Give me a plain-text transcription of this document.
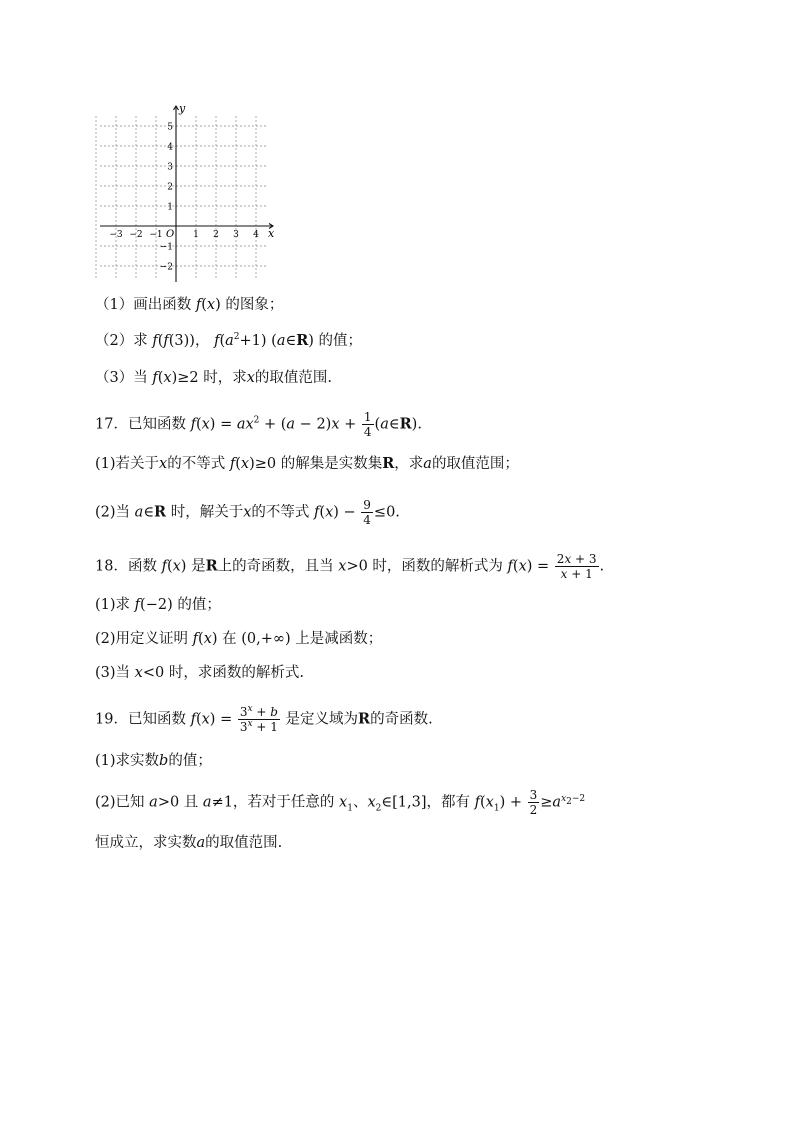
y
x
O
−3 −2 −1	1 2 3 4
5
4
3
2
1
−1
−2
（1）画出函数 f(x) 的图象；
（2）求 f(f(3))， $f(a^2+1)$ (a∈R) 的值；
（3）当 f(x)≥2 时，求x的取值范围.
17．已知函数 $f(x) = ax^2 + (a - 2)x + \frac{1}{4}$ (a∈R).
(1)若关于x的不等式 f(x)≥0 的解集是实数集R，求a的取值范围；
(2)当 a∈R 时，解关于x的不等式 $f(x) - \frac{9}{4} \le 0$.
18．函数 f(x) 是R上的奇函数，且当 x>0 时，函数的解析式为 $f(x) = \frac{2x + 3}{x + 1}$ .
(1)求 f(−2) 的值；
(2)用定义证明 f(x) 在 (0,+∞) 上是减函数；
(3)当 x<0 时，求函数的解析式.
19．已知函数 $f(x) = \frac{3^x + b}{3^x + 1}$ 是定义域为R的奇函数.
(1)求实数b的值；
(2)已知 a>0 且 a≠1，若对于任意的 $x_1$、$x_2\in[1,3]$，都有 $f(x_1) + \frac{3}{2} \ge a^{x_2-2}$
恒成立，求实数a的取值范围.
